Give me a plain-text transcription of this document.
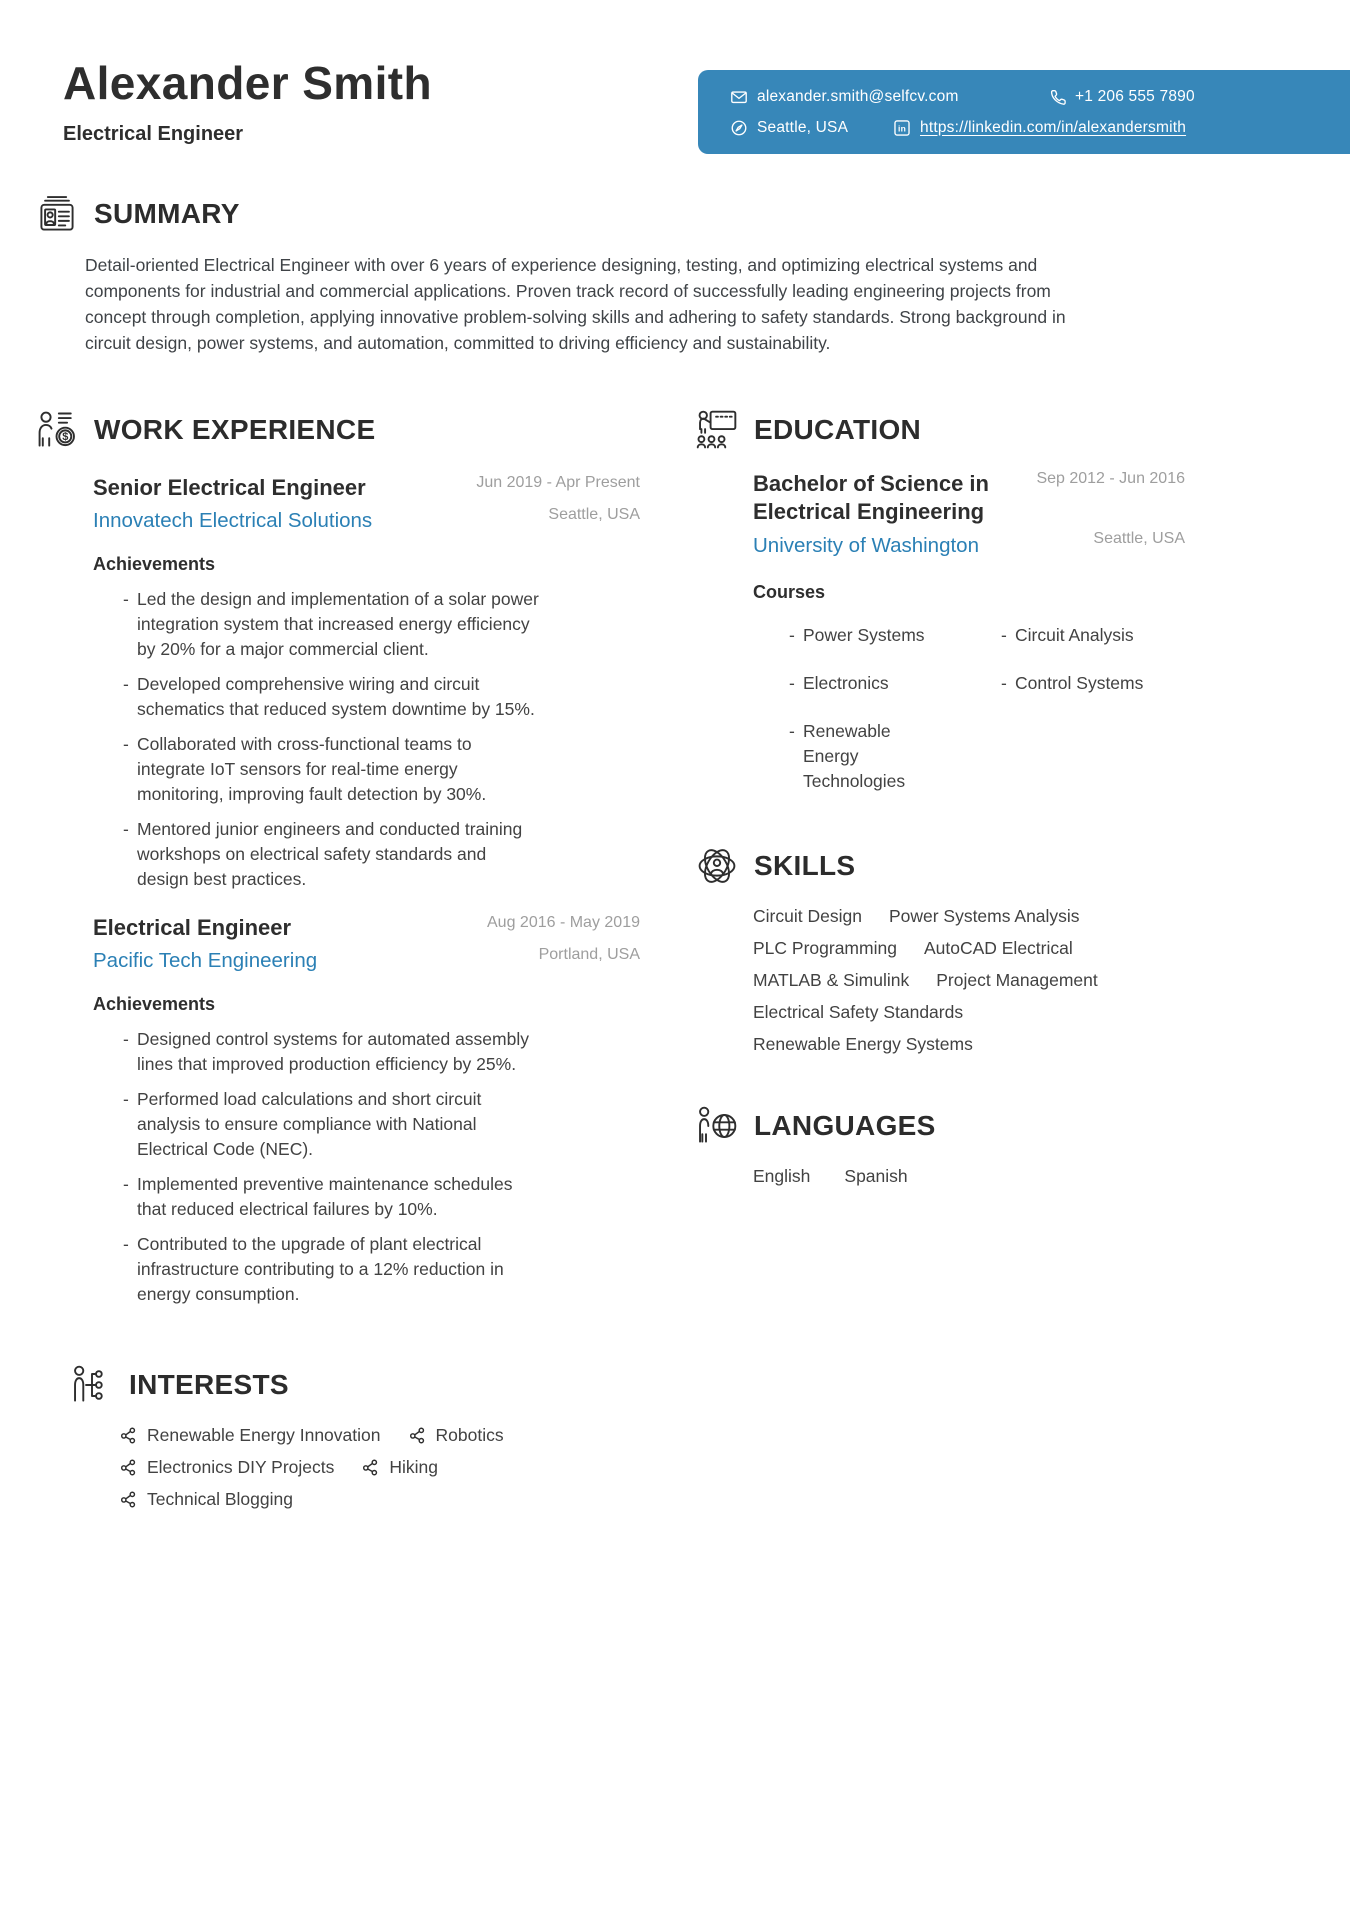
Alexander Smith
Electrical Engineer
alexander.smith@selfcv.com	+1 206 555 7890
Seattle, USA	in https://linkedin.com/in/alexandersmith
SUMMARY

Detail-oriented Electrical Engineer with over 6 years of experience designing, testing, and optimizing electrical systems and components for industrial and commercial applications. Proven track record of successfully leading engineering projects from concept through completion, applying innovative problem-solving skills and adhering to safety standards. Strong background in circuit design, power systems, and automation, committed to driving efficiency and sustainability.

$ WORK EXPERIENCE
Senior Electrical Engineer
Innovatech Electrical Solutions
Jun 2019 - Apr Present
Seattle, USA
Achievements
- Led the design and implementation of a solar power integration system that increased energy efficiency by 20% for a major commercial client.
- Developed comprehensive wiring and circuit schematics that reduced system downtime by 15%.
- Collaborated with cross-functional teams to integrate IoT sensors for real-time energy monitoring, improving fault detection by 30%.
- Mentored junior engineers and conducted training workshops on electrical safety standards and design best practices.
Electrical Engineer
Pacific Tech Engineering
Aug 2016 - May 2019
Portland, USA
Achievements
- Designed control systems for automated assembly lines that improved production efficiency by 25%.
- Performed load calculations and short circuit analysis to ensure compliance with National Electrical Code (NEC).
- Implemented preventive maintenance schedules that reduced electrical failures by 10%.
- Contributed to the upgrade of plant electrical infrastructure contributing to a 12% reduction in energy consumption.
INTERESTS
Renewable Energy Innovation	Robotics
Electronics DIY Projects	Hiking
Technical Blogging
EDUCATION
Bachelor of Science in Electrical Engineering
University of Washington
Sep 2012 - Jun 2016
Seattle, USA
Courses
- Power Systems	- Circuit Analysis
- Electronics	- Control Systems
- Renewable Energy Technologies
SKILLS
Circuit Design Power Systems Analysis
PLC Programming AutoCAD Electrical
MATLAB & Simulink Project Management
Electrical Safety Standards
Renewable Energy Systems
LANGUAGES
English Spanish
